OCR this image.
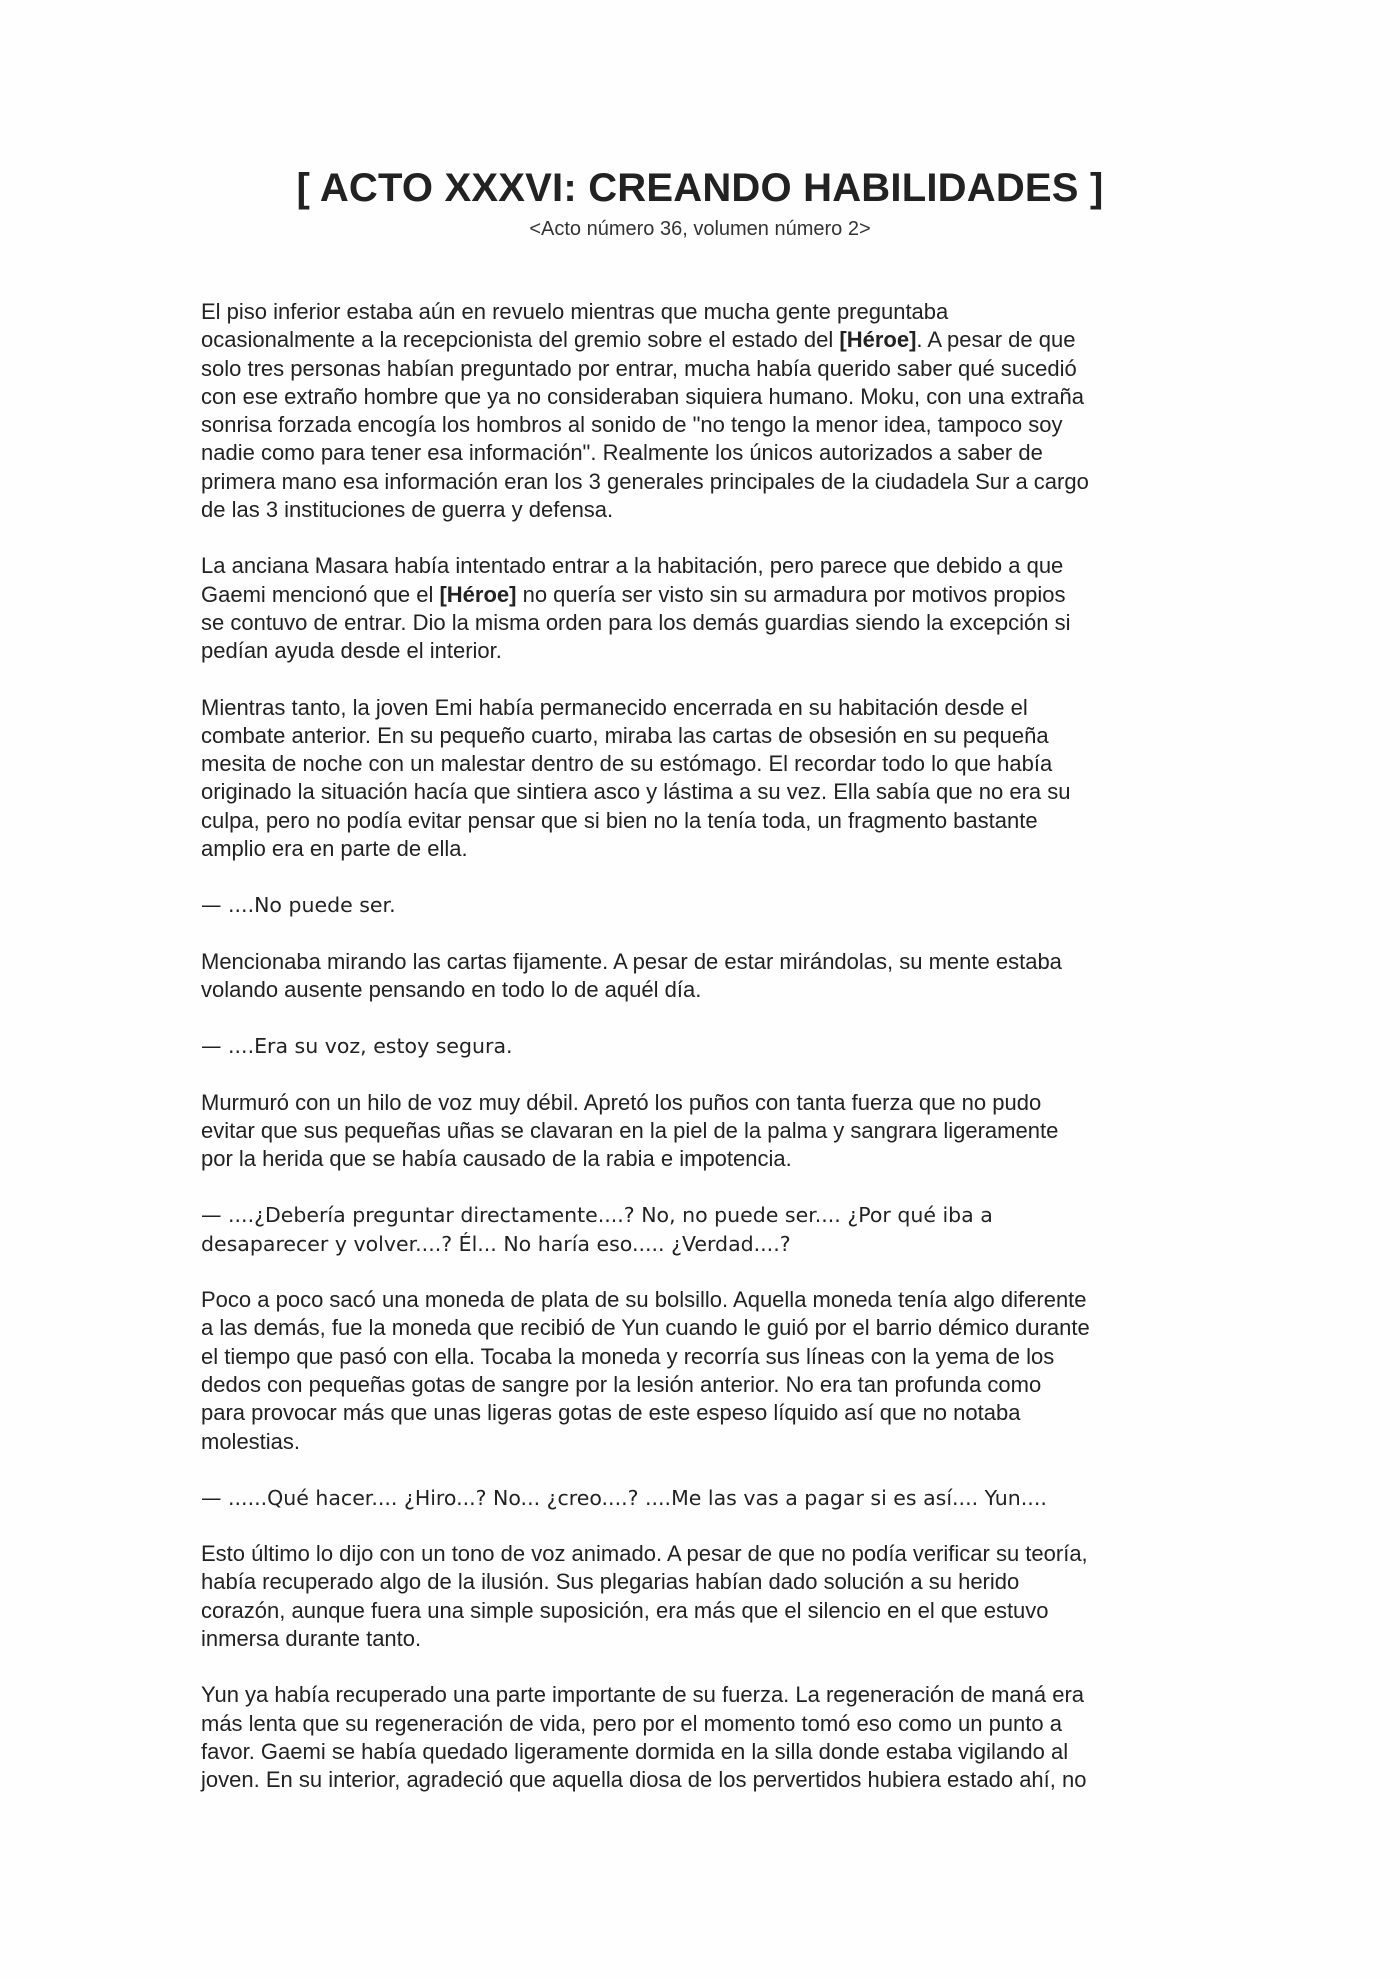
[ ACTO XXXVI: CREANDO HABILIDADES ]
<Acto número 36, volumen número 2>

El piso inferior estaba aún en revuelo mientras que mucha gente preguntaba
ocasionalmente a la recepcionista del gremio sobre el estado del [Héroe]. A pesar de que
solo tres personas habían preguntado por entrar, mucha había querido saber qué sucedió
con ese extraño hombre que ya no consideraban siquiera humano. Moku, con una extraña
sonrisa forzada encogía los hombros al sonido de "no tengo la menor idea, tampoco soy
nadie como para tener esa información". Realmente los únicos autorizados a saber de
primera mano esa información eran los 3 generales principales de la ciudadela Sur a cargo
de las 3 instituciones de guerra y defensa.

La anciana Masara había intentado entrar a la habitación, pero parece que debido a que
Gaemi mencionó que el [Héroe] no quería ser visto sin su armadura por motivos propios
se contuvo de entrar. Dio la misma orden para los demás guardias siendo la excepción si
pedían ayuda desde el interior.

Mientras tanto, la joven Emi había permanecido encerrada en su habitación desde el
combate anterior. En su pequeño cuarto, miraba las cartas de obsesión en su pequeña
mesita de noche con un malestar dentro de su estómago. El recordar todo lo que había
originado la situación hacía que sintiera asco y lástima a su vez. Ella sabía que no era su
culpa, pero no podía evitar pensar que si bien no la tenía toda, un fragmento bastante
amplio era en parte de ella.

— ....No puede ser.

Mencionaba mirando las cartas fijamente. A pesar de estar mirándolas, su mente estaba
volando ausente pensando en todo lo de aquél día.

— ....Era su voz, estoy segura.

Murmuró con un hilo de voz muy débil. Apretó los puños con tanta fuerza que no pudo
evitar que sus pequeñas uñas se clavaran en la piel de la palma y sangrara ligeramente
por la herida que se había causado de la rabia e impotencia.

— ....¿Debería preguntar directamente....? No, no puede ser.... ¿Por qué iba a
desaparecer y volver....? Él... No haría eso..... ¿Verdad....?

Poco a poco sacó una moneda de plata de su bolsillo. Aquella moneda tenía algo diferente
a las demás, fue la moneda que recibió de Yun cuando le guió por el barrio démico durante
el tiempo que pasó con ella. Tocaba la moneda y recorría sus líneas con la yema de los
dedos con pequeñas gotas de sangre por la lesión anterior. No era tan profunda como
para provocar más que unas ligeras gotas de este espeso líquido así que no notaba
molestias.

— ......Qué hacer.... ¿Hiro...? No... ¿creo....? ....Me las vas a pagar si es así.... Yun....

Esto último lo dijo con un tono de voz animado. A pesar de que no podía verificar su teoría,
había recuperado algo de la ilusión. Sus plegarias habían dado solución a su herido
corazón, aunque fuera una simple suposición, era más que el silencio en el que estuvo
inmersa durante tanto.

Yun ya había recuperado una parte importante de su fuerza. La regeneración de maná era
más lenta que su regeneración de vida, pero por el momento tomó eso como un punto a
favor. Gaemi se había quedado ligeramente dormida en la silla donde estaba vigilando al
joven. En su interior, agradeció que aquella diosa de los pervertidos hubiera estado ahí, no
